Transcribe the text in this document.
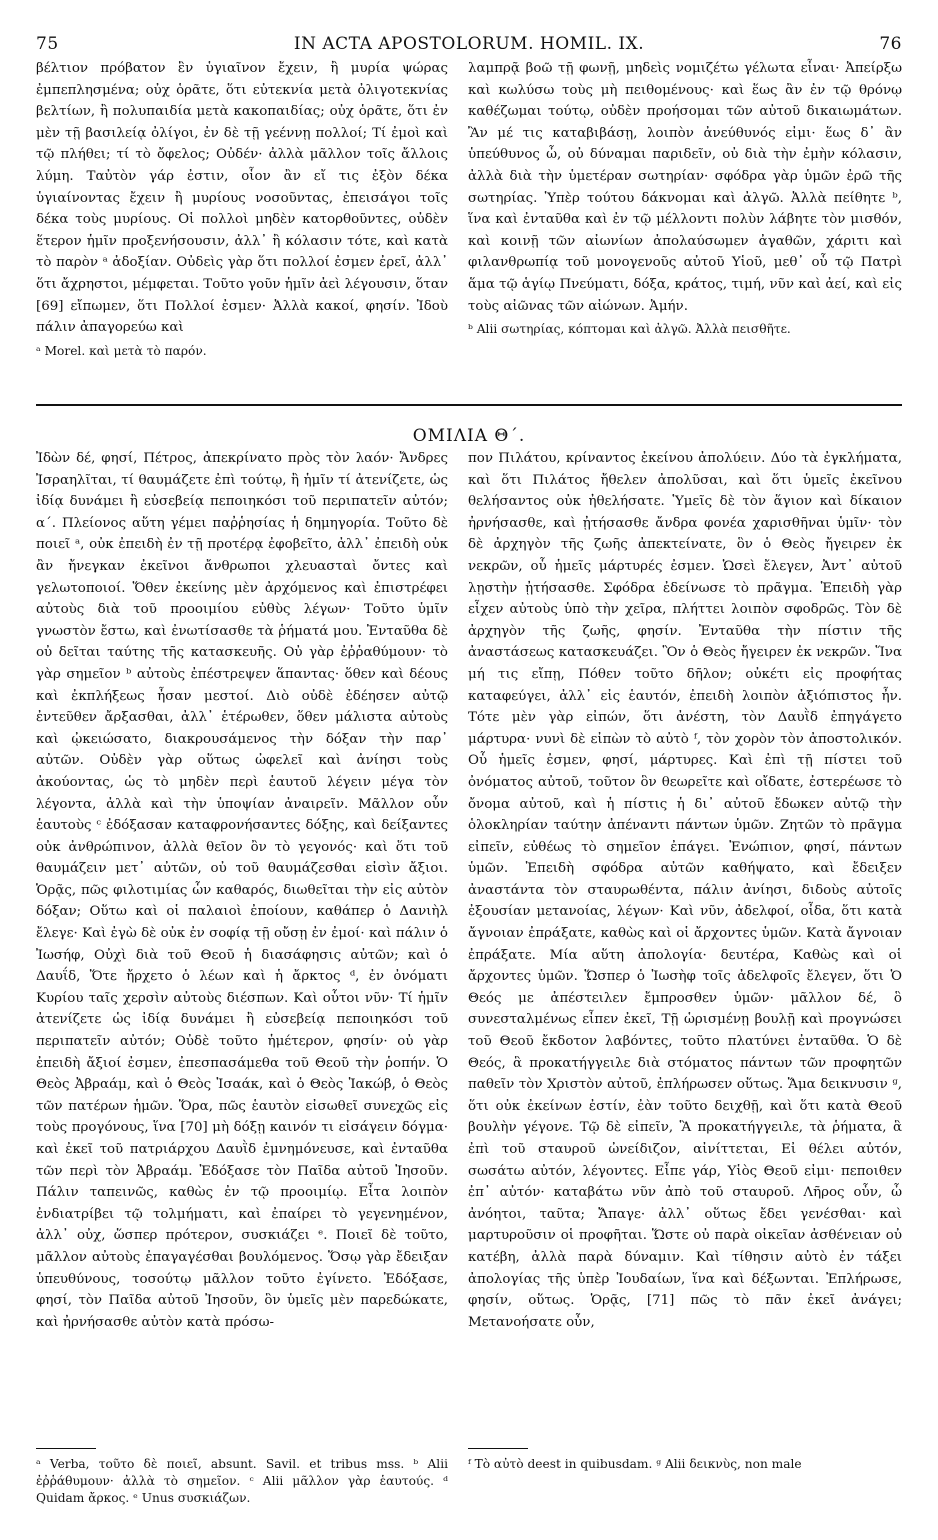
75	IN ACTA APOSTOLORUM. HOMIL. IX.	76

βέλτιον πρόβατον ἓν ὑγιαῖνον ἔχειν, ἢ μυρία ψώρας ἐμπεπλησμένα; οὐχ ὁρᾶτε, ὅτι εὐτεκνία μετὰ ὀλιγοτεκνίας βελτίων, ἢ πολυπαιδία μετὰ κακοπαιδίας; οὐχ ὁρᾶτε, ὅτι ἐν μὲν τῇ βασιλείᾳ ὀλίγοι, ἐν δὲ τῇ γεέννῃ πολλοί; Τί ἐμοὶ καὶ τῷ πλήθει; τί τὸ ὄφελος; Οὐδέν· ἀλλὰ μᾶλλον τοῖς ἄλλοις λύμη. Ταὐτὸν γάρ ἐστιν, οἷον ἂν εἴ τις ἐξὸν δέκα ὑγιαίνοντας ἔχειν ἢ μυρίους νοσοῦντας, ἐπεισάγοι τοῖς δέκα τοὺς μυρίους. Οἱ πολλοὶ μηδὲν κατορθοῦντες, οὐδὲν ἕτερον ἡμῖν προξενήσουσιν, ἀλλ᾽ ἢ κόλασιν τότε, καὶ κατὰ τὸ παρὸν ᵃ ἀδοξίαν. Οὐδεὶς γὰρ ὅτι πολλοί ἐσμεν ἐρεῖ, ἀλλ᾽ ὅτι ἄχρηστοι, μέμφεται. Τοῦτο γοῦν ἡμῖν ἀεὶ λέγουσιν, ὅταν [69] εἴπωμεν, ὅτι Πολλοί ἐσμεν· Ἀλλὰ κακοί, φησίν. Ἰδοὺ πάλιν ἀπαγορεύω καὶ

ᵃ Morel. καὶ μετὰ τὸ παρόν.

λαμπρᾷ βοῶ τῇ φωνῇ, μηδεὶς νομιζέτω γέλωτα εἶναι· Ἀπείρξω καὶ κωλύσω τοὺς μὴ πειθομένους· καὶ ἕως ἂν ἐν τῷ θρόνῳ καθέζωμαι τούτῳ, οὐδὲν προήσομαι τῶν αὐτοῦ δικαιωμάτων. Ἂν μέ τις καταβιβάσῃ, λοιπὸν ἀνεύθυνός εἰμι· ἕως δ᾽ ἂν ὑπεύθυνος ὦ, οὐ δύναμαι παριδεῖν, οὐ διὰ τὴν ἐμὴν κόλασιν, ἀλλὰ διὰ τὴν ὑμετέραν σωτηρίαν· σφόδρα γὰρ ὑμῶν ἐρῶ τῆς σωτηρίας. Ὑπὲρ τούτου δάκνομαι καὶ ἀλγῶ. Ἀλλὰ πείθητε ᵇ, ἵνα καὶ ἐνταῦθα καὶ ἐν τῷ μέλλοντι πολὺν λάβητε τὸν μισθόν, καὶ κοινῇ τῶν αἰωνίων ἀπολαύσωμεν ἀγαθῶν, χάριτι καὶ φιλανθρωπίᾳ τοῦ μονογενοῦς αὐτοῦ Υἱοῦ, μεθ᾽ οὗ τῷ Πατρὶ ἅμα τῷ ἁγίῳ Πνεύματι, δόξα, κράτος, τιμή, νῦν καὶ ἀεί, καὶ εἰς τοὺς αἰῶνας τῶν αἰώνων. Ἀμήν.

ᵇ Alii σωτηρίας, κόπτομαι καὶ ἀλγῶ. Ἀλλὰ πεισθῆτε.

ΟΜΙΛΙΑ Θ΄.

Ἰδὼν δέ, φησί, Πέτρος, ἀπεκρίνατο πρὸς τὸν λαόν· Ἄνδρες Ἰσραηλῖται, τί θαυμάζετε ἐπὶ τούτῳ, ἢ ἡμῖν τί ἀτενίζετε, ὡς ἰδίᾳ δυνάμει ἢ εὐσεβείᾳ πεποιηκόσι τοῦ περιπατεῖν αὐτόν; α΄. Πλείονος αὕτη γέμει παῤῥησίας ἡ δημηγορία. Τοῦτο δὲ ποιεῖ ᵃ, οὐκ ἐπειδὴ ἐν τῇ προτέρᾳ ἐφοβεῖτο, ἀλλ᾽ ἐπειδὴ οὐκ ἂν ἤνεγκαν ἐκεῖνοι ἄνθρωποι χλευασταὶ ὄντες καὶ γελωτοποιοί. Ὅθεν ἐκείνης μὲν ἀρχόμενος καὶ ἐπιστρέφει αὐτοὺς διὰ τοῦ προοιμίου εὐθὺς λέγων· Τοῦτο ὑμῖν γνωστὸν ἔστω, καὶ ἐνωτίσασθε τὰ ῥήματά μου. Ἐνταῦθα δὲ οὐ δεῖται ταύτης τῆς κατασκευῆς. Οὐ γὰρ ἐῤῥαθύμουν· τὸ γὰρ σημεῖον ᵇ αὐτοὺς ἐπέστρεψεν ἅπαντας· ὅθεν καὶ δέους καὶ ἐκπλήξεως ἦσαν μεστοί. Διὸ οὐδὲ ἐδέησεν αὐτῷ ἐντεῦθεν ἄρξασθαι, ἀλλ᾽ ἑτέρωθεν, ὅθεν μάλιστα αὐτοὺς καὶ ᾠκειώσατο, διακρουσάμενος τὴν δόξαν τὴν παρ᾽ αὐτῶν. Οὐδὲν γὰρ οὕτως ὠφελεῖ καὶ ἀνίησι τοὺς ἀκούοντας, ὡς τὸ μηδὲν περὶ ἑαυτοῦ λέγειν μέγα τὸν λέγοντα, ἀλλὰ καὶ τὴν ὑποψίαν ἀναιρεῖν. Μᾶλλον οὖν ἑαυτοὺς ᶜ ἐδόξασαν καταφρονήσαντες δόξης, καὶ δείξαντες οὐκ ἀνθρώπινον, ἀλλὰ θεῖον ὂν τὸ γεγονός· καὶ ὅτι τοῦ θαυμάζειν μετ᾽ αὐτῶν, οὐ τοῦ θαυμάζεσθαι εἰσὶν ἄξιοι. Ὁρᾷς, πῶς φιλοτιμίας ὧν καθαρός, διωθεῖται τὴν εἰς αὐτὸν δόξαν; Οὕτω καὶ οἱ παλαιοὶ ἐποίουν, καθάπερ ὁ Δανιὴλ ἔλεγε· Καὶ ἐγὼ δὲ οὐκ ἐν σοφίᾳ τῇ οὔσῃ ἐν ἐμοί· καὶ πάλιν ὁ Ἰωσήφ, Οὐχὶ διὰ τοῦ Θεοῦ ἡ διασάφησις αὐτῶν; καὶ ὁ Δαυΐδ, Ὅτε ἤρχετο ὁ λέων καὶ ἡ ἄρκτος ᵈ, ἐν ὀνόματι Κυρίου ταῖς χερσὶν αὐτοὺς διέσπων. Καὶ οὗτοι νῦν· Τί ἡμῖν ἀτενίζετε ὡς ἰδίᾳ δυνάμει ἢ εὐσεβείᾳ πεποιηκόσι τοῦ περιπατεῖν αὐτόν; Οὐδὲ τοῦτο ἡμέτερον, φησίν· οὐ γὰρ ἐπειδὴ ἄξιοί ἐσμεν, ἐπεσπασάμεθα τοῦ Θεοῦ τὴν ῥοπήν. Ὁ Θεὸς Ἀβραάμ, καὶ ὁ Θεὸς Ἰσαάκ, καὶ ὁ Θεὸς Ἰακώβ, ὁ Θεὸς τῶν πατέρων ἡμῶν. Ὅρα, πῶς ἑαυτὸν εἰσωθεῖ συνεχῶς εἰς τοὺς προγόνους, ἵνα [70] μὴ δόξῃ καινόν τι εἰσάγειν δόγμα· καὶ ἐκεῖ τοῦ πατριάρχου Δαυῒδ ἐμνημόνευσε, καὶ ἐνταῦθα τῶν περὶ τὸν Ἀβραάμ. Ἐδόξασε τὸν Παῖδα αὐτοῦ Ἰησοῦν. Πάλιν ταπεινῶς, καθὼς ἐν τῷ προοιμίῳ. Εἶτα λοιπὸν ἐνδιατρίβει τῷ τολμήματι, καὶ ἐπαίρει τὸ γεγενημένον, ἀλλ᾽ οὐχ, ὥσπερ πρότερον, συσκιάζει ᵉ. Ποιεῖ δὲ τοῦτο, μᾶλλον αὐτοὺς ἐπαγαγέσθαι βουλόμενος. Ὅσῳ γὰρ ἔδειξαν ὑπευθύνους, τοσούτῳ μᾶλλον τοῦτο ἐγίνετο. Ἐδόξασε, φησί, τὸν Παῖδα αὐτοῦ Ἰησοῦν, ὃν ὑμεῖς μὲν παρεδώκατε, καὶ ἠρνήσασθε αὐτὸν κατὰ πρόσω-

πον Πιλάτου, κρίναντος ἐκείνου ἀπολύειν. Δύο τὰ ἐγκλήματα, καὶ ὅτι Πιλάτος ἤθελεν ἀπολῦσαι, καὶ ὅτι ὑμεῖς ἐκεῖνου θελήσαντος οὐκ ἠθελήσατε. Ὑμεῖς δὲ τὸν ἅγιον καὶ δίκαιον ἠρνήσασθε, καὶ ᾐτήσασθε ἄνδρα φονέα χαρισθῆναι ὑμῖν· τὸν δὲ ἀρχηγὸν τῆς ζωῆς ἀπεκτείνατε, ὃν ὁ Θεὸς ἤγειρεν ἐκ νεκρῶν, οὗ ἡμεῖς μάρτυρές ἐσμεν. Ὡσεὶ ἔλεγεν, Ἀντ᾽ αὐτοῦ λῃστὴν ᾐτήσασθε. Σφόδρα ἐδείνωσε τὸ πρᾶγμα. Ἐπειδὴ γὰρ εἶχεν αὐτοὺς ὑπὸ τὴν χεῖρα, πλήττει λοιπὸν σφοδρῶς. Τὸν δὲ ἀρχηγὸν τῆς ζωῆς, φησίν. Ἐνταῦθα τὴν πίστιν τῆς ἀναστάσεως κατασκευάζει. Ὃν ὁ Θεὸς ἤγειρεν ἐκ νεκρῶν. Ἵνα μή τις εἴπῃ, Πόθεν τοῦτο δῆλον; οὐκέτι εἰς προφήτας καταφεύγει, ἀλλ᾽ εἰς ἑαυτόν, ἐπειδὴ λοιπὸν ἀξιόπιστος ἦν. Τότε μὲν γὰρ εἰπών, ὅτι ἀνέστη, τὸν Δαυῒδ ἐπηγάγετο μάρτυρα· νυνὶ δὲ εἰπὼν τὸ αὐτὸ ᶠ, τὸν χορὸν τὸν ἀποστολικόν. Οὗ ἡμεῖς ἐσμεν, φησί, μάρτυρες. Καὶ ἐπὶ τῇ πίστει τοῦ ὀνόματος αὐτοῦ, τοῦτον ὃν θεωρεῖτε καὶ οἴδατε, ἐστερέωσε τὸ ὄνομα αὐτοῦ, καὶ ἡ πίστις ἡ δι᾽ αὐτοῦ ἔδωκεν αὐτῷ τὴν ὁλοκληρίαν ταύτην ἀπέναντι πάντων ὑμῶν. Ζητῶν τὸ πρᾶγμα εἰπεῖν, εὐθέως τὸ σημεῖον ἐπάγει. Ἐνώπιον, φησί, πάντων ὑμῶν. Ἐπειδὴ σφόδρα αὐτῶν καθήψατο, καὶ ἔδειξεν ἀναστάντα τὸν σταυρωθέντα, πάλιν ἀνίησι, διδοὺς αὐτοῖς ἐξουσίαν μετανοίας, λέγων· Καὶ νῦν, ἀδελφοί, οἶδα, ὅτι κατὰ ἄγνοιαν ἐπράξατε, καθὼς καὶ οἱ ἄρχοντες ὑμῶν. Κατὰ ἄγνοιαν ἐπράξατε. Μία αὕτη ἀπολογία· δευτέρα, Καθὼς καὶ οἱ ἄρχοντες ὑμῶν. Ὥσπερ ὁ Ἰωσὴφ τοῖς ἀδελφοῖς ἔλεγεν, ὅτι Ὁ Θεός με ἀπέστειλεν ἔμπροσθεν ὑμῶν· μᾶλλον δέ, ὃ συνεσταλμένως εἶπεν ἐκεῖ, Τῇ ὡρισμένῃ βουλῇ καὶ προγνώσει τοῦ Θεοῦ ἔκδοτον λαβόντες, τοῦτο πλατύνει ἐνταῦθα. Ὁ δὲ Θεός, ἃ προκατήγγειλε διὰ στόματος πάντων τῶν προφητῶν παθεῖν τὸν Χριστὸν αὐτοῦ, ἐπλήρωσεν οὕτως. Ἅμα δεικνυσιν ᵍ, ὅτι οὐκ ἐκείνων ἐστίν, ἐὰν τοῦτο δειχθῇ, καὶ ὅτι κατὰ Θεοῦ βουλὴν γέγονε. Τῷ δὲ εἰπεῖν, Ἃ προκατήγγειλε, τὰ ῥήματα, ἃ ἐπὶ τοῦ σταυροῦ ὠνείδιζον, αἰνίττεται, Εἰ θέλει αὐτόν, σωσάτω αὐτόν, λέγοντες. Εἶπε γάρ, Υἱὸς Θεοῦ εἰμι· πεποιθεν ἐπ᾽ αὐτόν· καταβάτω νῦν ἀπὸ τοῦ σταυροῦ. Λῆρος οὖν, ὦ ἀνόητοι, ταῦτα; Ἄπαγε· ἀλλ᾽ οὕτως ἔδει γενέσθαι· καὶ μαρτυροῦσιν οἱ προφῆται. Ὥστε οὐ παρὰ οἰκεῖαν ἀσθένειαν οὐ κατέβη, ἀλλὰ παρὰ δύναμιν. Καὶ τίθησιν αὐτὸ ἐν τάξει ἀπολογίας τῆς ὑπὲρ Ἰουδαίων, ἵνα καὶ δέξωνται. Ἐπλήρωσε, φησίν, οὕτως. Ὁρᾷς, [71] πῶς τὸ πᾶν ἐκεῖ ἀνάγει; Μετανοήσατε οὖν,

ᵃ Verba, τοῦτο δὲ ποιεῖ, absunt. Savil. et tribus mss. ᵇ Alii ἐῤῥάθυμουν· ἀλλὰ τὸ σημεῖον. ᶜ Alii μᾶλλον γὰρ ἑαυτούς. ᵈ Quidam ἄρκος. ᵉ Unus συσκιάζων.

ᶠ Τὸ αὐτὸ deest in quibusdam. ᵍ Alii δεικνὺς, non male
